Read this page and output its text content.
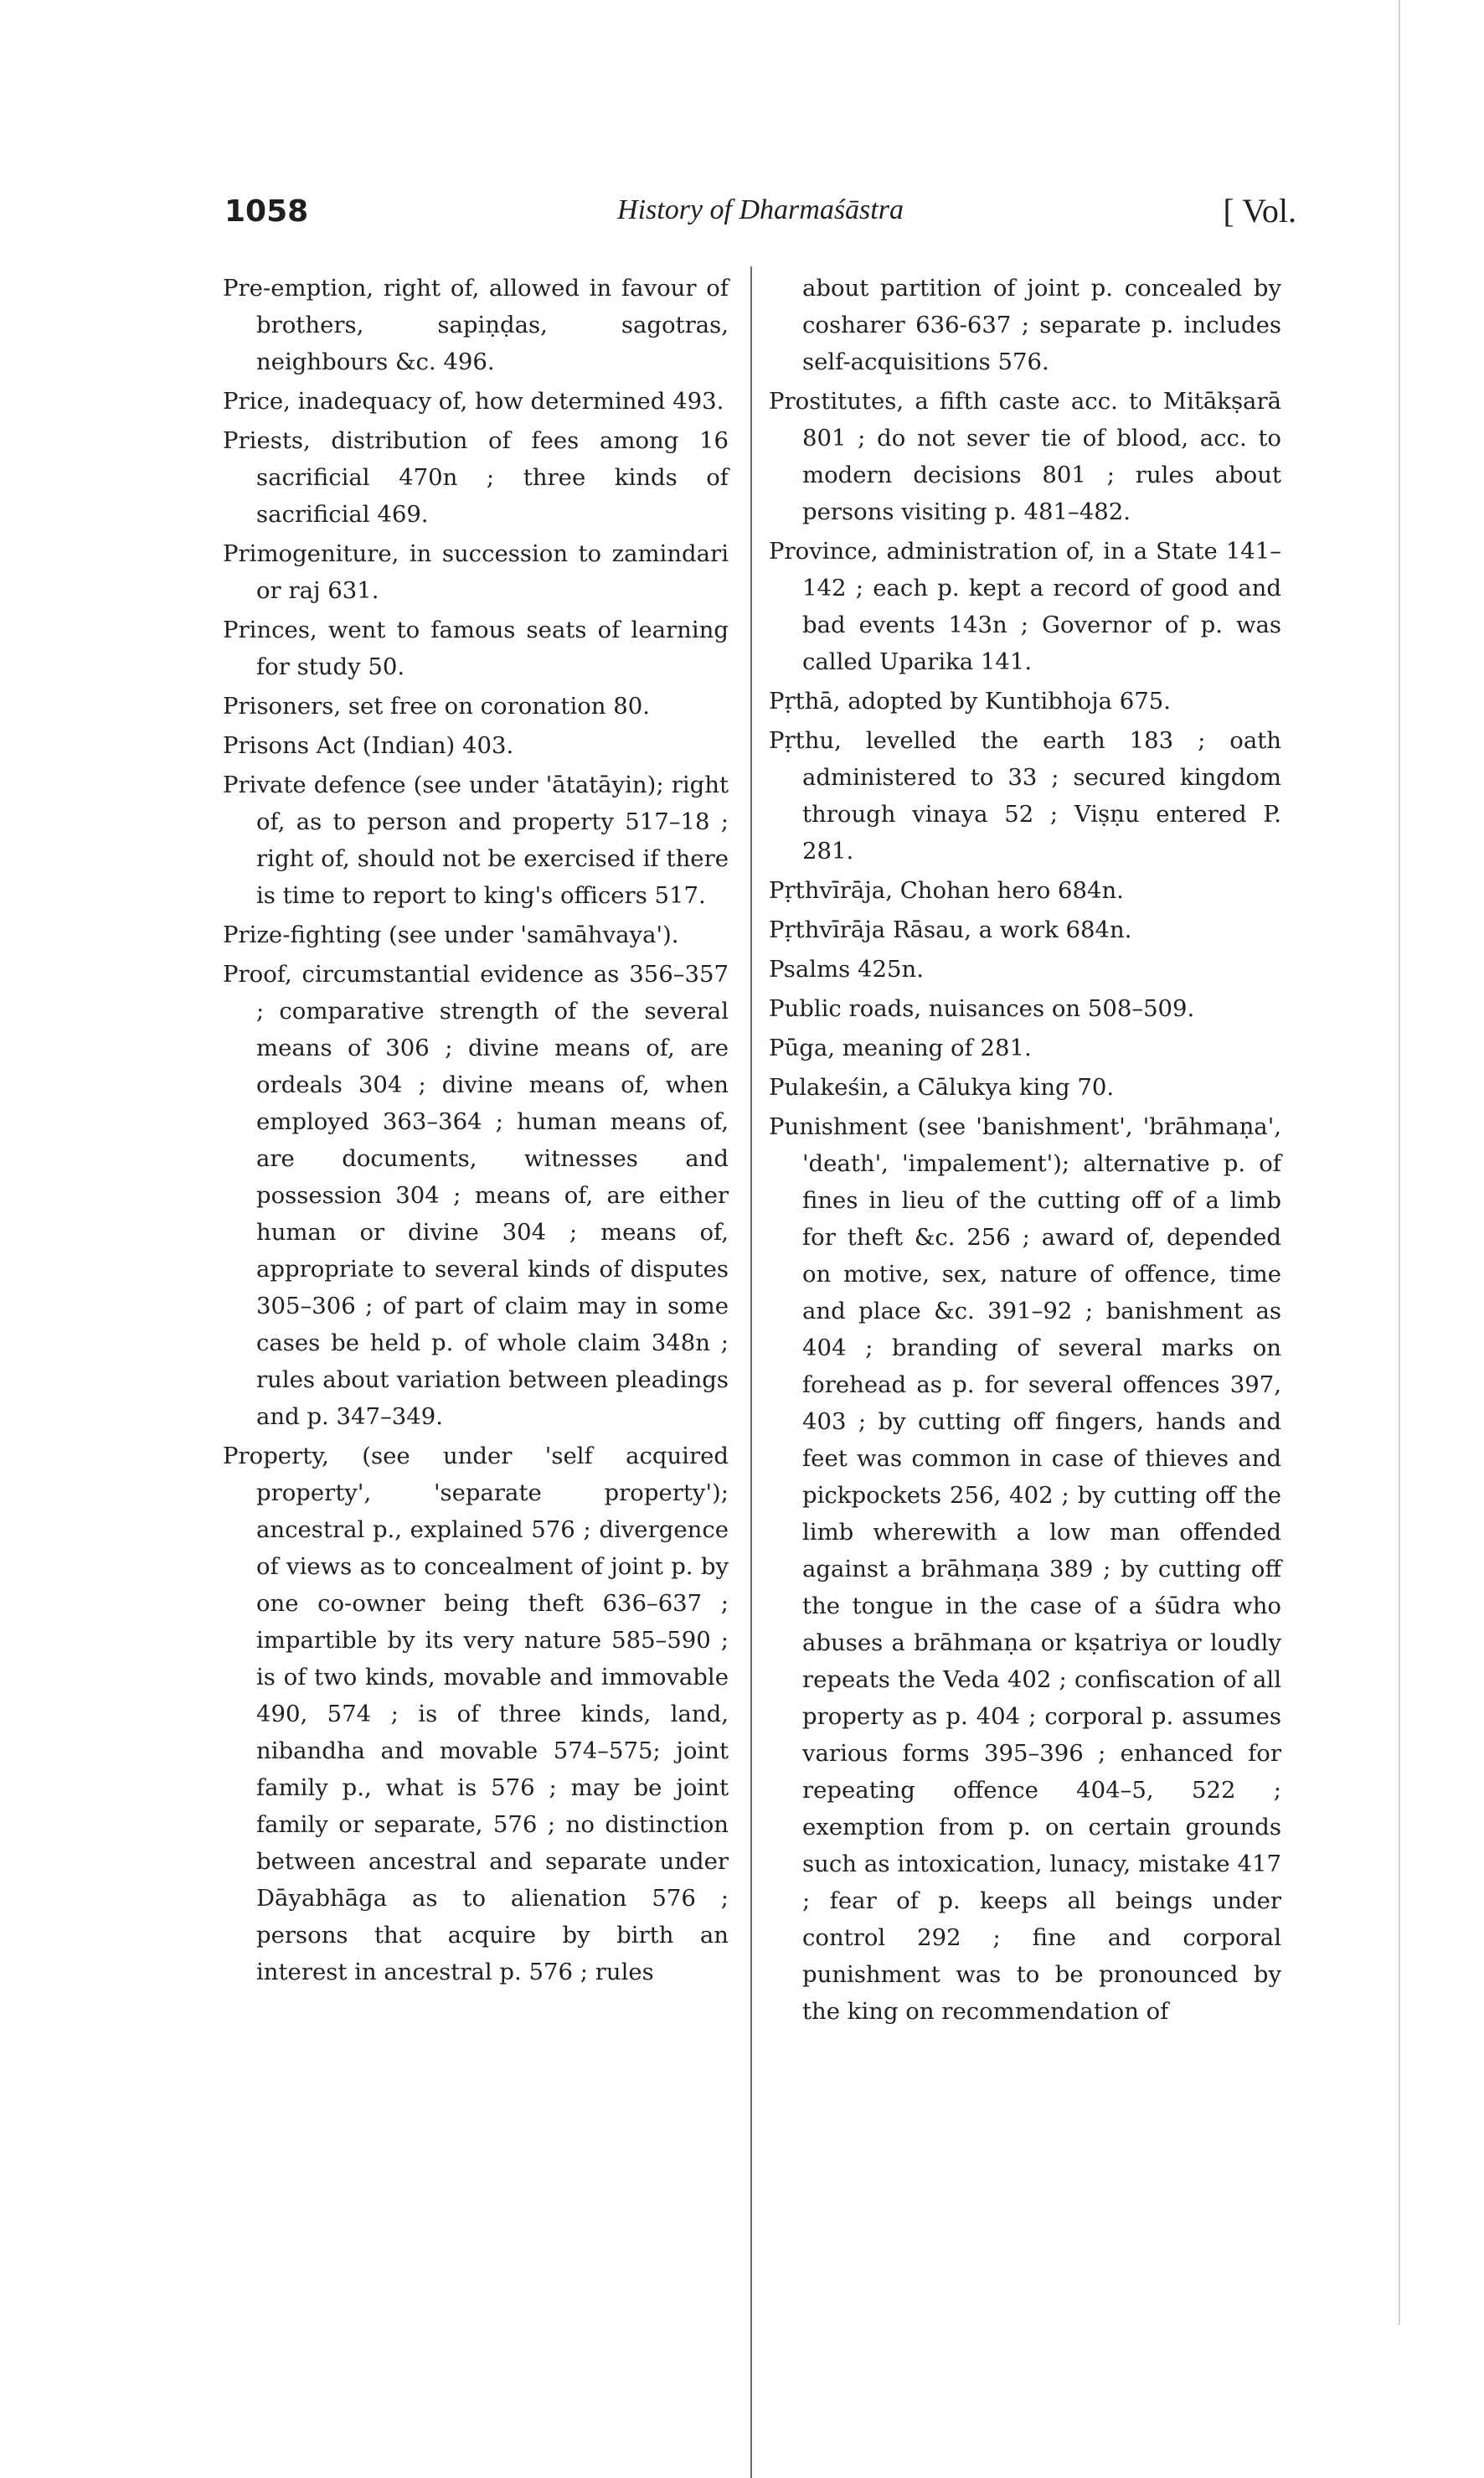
1058	History of Dharmaśāstra	[ Vol.

Pre-emption, right of, allowed in favour of brothers, sapiṇḍas, sagotras, neighbours &c. 496.

Price, inadequacy of, how determined 493.

Priests, distribution of fees among 16 sacrificial 470n ; three kinds of sacrificial 469.

Primogeniture, in succession to zamindari or raj 631.

Princes, went to famous seats of learning for study 50.

Prisoners, set free on coronation 80.

Prisons Act (Indian) 403.

Private defence (see under 'ātatāyin); right of, as to person and property 517–18 ; right of, should not be exercised if there is time to report to king's officers 517.

Prize-fighting (see under 'samāhvaya').

Proof, circumstantial evidence as 356–357 ; comparative strength of the several means of 306 ; divine means of, are ordeals 304 ; divine means of, when employed 363–364 ; human means of, are documents, witnesses and possession 304 ; means of, are either human or divine 304 ; means of, appropriate to several kinds of disputes 305–306 ; of part of claim may in some cases be held p. of whole claim 348n ; rules about variation between pleadings and p. 347–349.

Property, (see under 'self acquired property', 'separate property'); ancestral p., explained 576 ; divergence of views as to concealment of joint p. by one co-owner being theft 636–637 ; impartible by its very nature 585–590 ; is of two kinds, movable and immovable 490, 574 ; is of three kinds, land, nibandha and movable 574–575; joint family p., what is 576 ; may be joint family or separate, 576 ; no distinction between ancestral and separate under Dāyabhāga as to alienation 576 ; persons that acquire by birth an interest in ancestral p. 576 ; rules

about partition of joint p. concealed by cosharer 636-637 ; separate p. includes self-acquisitions 576.

Prostitutes, a fifth caste acc. to Mitākṣarā 801 ; do not sever tie of blood, acc. to modern decisions 801 ; rules about persons visiting p. 481–482.

Province, administration of, in a State 141–142 ; each p. kept a record of good and bad events 143n ; Governor of p. was called Uparika 141.

Pṛthā, adopted by Kuntibhoja 675.

Pṛthu, levelled the earth 183 ; oath administered to 33 ; secured kingdom through vinaya 52 ; Viṣṇu entered P. 281.

Pṛthvīrāja, Chohan hero 684n.

Pṛthvīrāja Rāsau, a work 684n.

Psalms 425n.

Public roads, nuisances on 508–509.

Pūga, meaning of 281.

Pulakeśin, a Cālukya king 70.

Punishment (see 'banishment', 'brāhmaṇa', 'death', 'impalement'); alternative p. of fines in lieu of the cutting off of a limb for theft &c. 256 ; award of, depended on motive, sex, nature of offence, time and place &c. 391–92 ; banishment as 404 ; branding of several marks on forehead as p. for several offences 397, 403 ; by cutting off fingers, hands and feet was common in case of thieves and pickpockets 256, 402 ; by cutting off the limb wherewith a low man offended against a brāhmaṇa 389 ; by cutting off the tongue in the case of a śūdra who abuses a brāhmaṇa or kṣatriya or loudly repeats the Veda 402 ; confiscation of all property as p. 404 ; corporal p. assumes various forms 395–396 ; enhanced for repeating offence 404–5, 522 ; exemption from p. on certain grounds such as intoxication, lunacy, mistake 417 ; fear of p. keeps all beings under control 292 ; fine and corporal punishment was to be pronounced by the king on recommendation of
